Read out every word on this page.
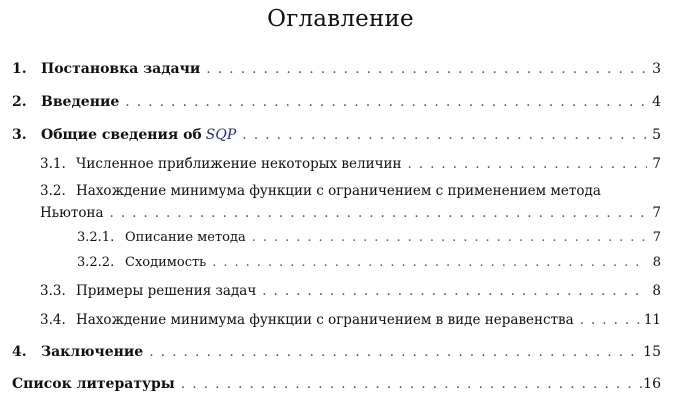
Оглавление
1.	Постановка задачи .....	3
2.	Введение .....	4
3.	Общие сведения об SQP .....	5
3.1. Численное приближение некоторых величин .....	7
3.2. Нахождение минимума функции с ограничением с применением метода
Ньютона .....	7
3.2.1. Описание метода .....	7
3.2.2. Сходимость .....	8
3.3. Примеры решения задач .....	8
3.4. Нахождение минимума функции с ограничением в виде неравенства .....	11
4.	Заключение .....	15
Список литературы .....	16
